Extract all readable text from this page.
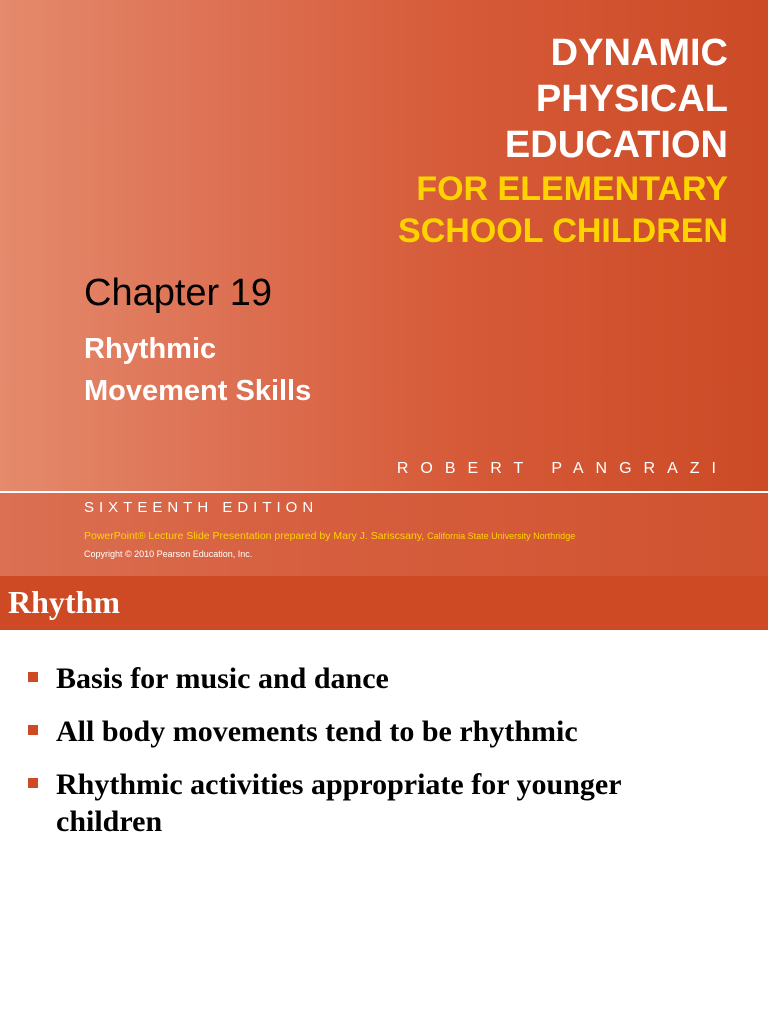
DYNAMIC
PHYSICAL
EDUCATION
FOR ELEMENTARY
SCHOOL CHILDREN
Chapter 19
Rhythmic
Movement Skills
ROBERT PANGRAZI
SIXTEENTH EDITION
PowerPoint® Lecture Slide Presentation prepared by Mary J. Sariscsany, California State University Northridge
Copyright © 2010 Pearson Education, Inc.
Rhythm
Basis for music and dance
All body movements tend to be rhythmic
Rhythmic activities appropriate for younger children
